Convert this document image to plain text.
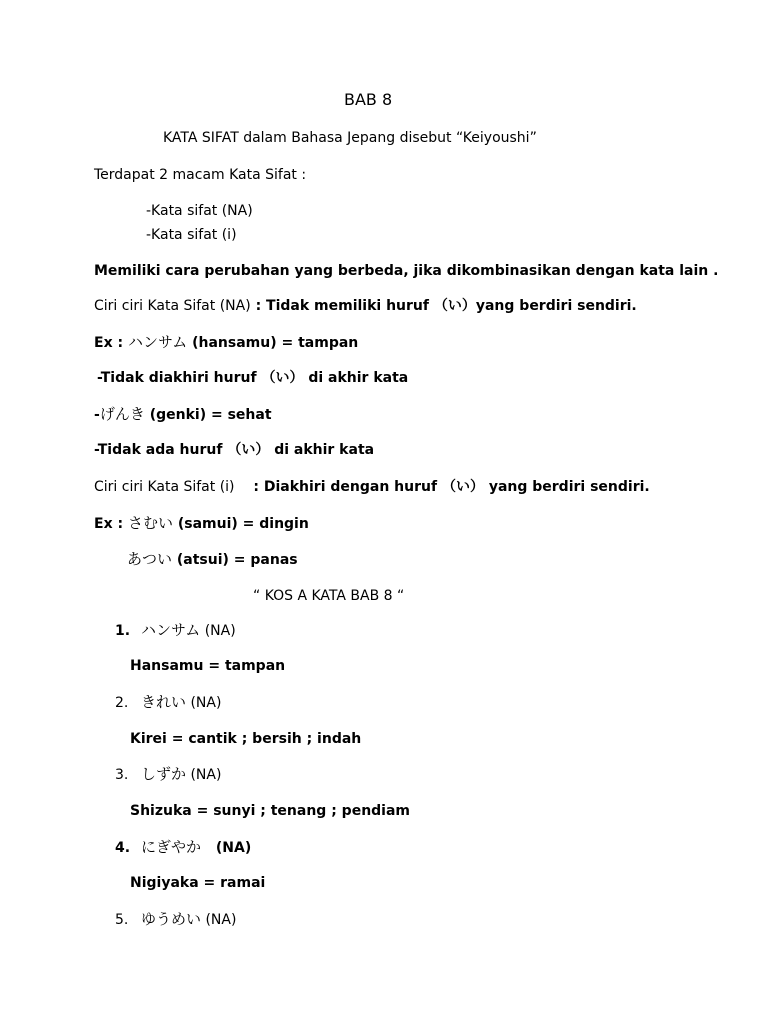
BAB 8
KATA SIFAT dalam Bahasa Jepang disebut “Keiyoushi”
Terdapat 2 macam Kata Sifat :
-Kata sifat (NA)
-Kata sifat (i)
Memiliki cara perubahan yang berbeda, jika dikombinasikan dengan kata lain .
Ciri ciri Kata Sifat (NA) : Tidak memiliki huruf （い）yang berdiri sendiri.
Ex : ハンサム (hansamu) = tampan
-Tidak diakhiri huruf （い） di akhir kata
-げんき (genki) = sehat
-Tidak ada huruf （い） di akhir kata
Ciri ciri Kata Sifat (i) : Diakhiri dengan huruf （い） yang berdiri sendiri.
Ex : さむい (samui) = dingin
あつい (atsui) = panas
“ KOS A KATA BAB 8 “
1. ハンサム (NA)
Hansamu = tampan
2. きれい (NA)
Kirei = cantik ; bersih ; indah
3. しずか (NA)
Shizuka = sunyi ; tenang ; pendiam
4. にぎやか (NA)
Nigiyaka = ramai
5. ゆうめい (NA)
